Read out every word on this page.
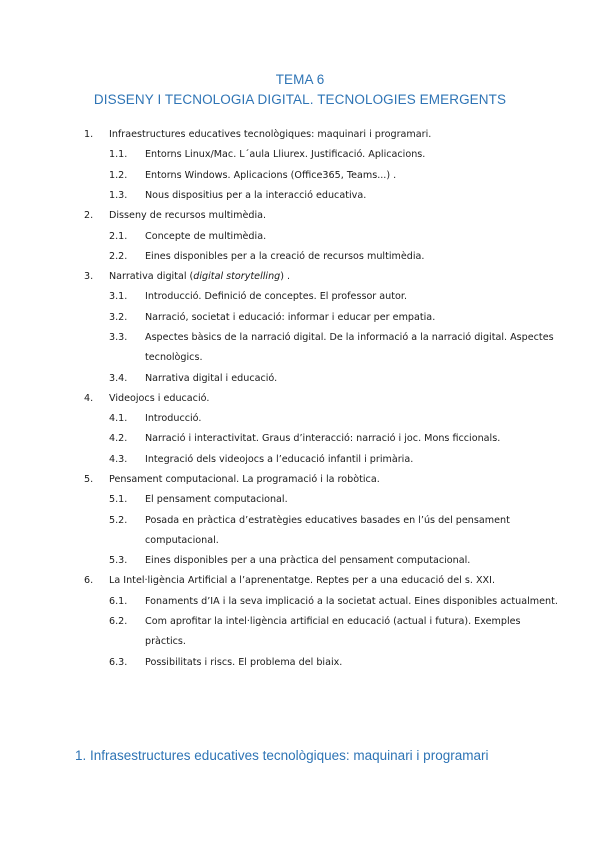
TEMA 6
DISSENY I TECNOLOGIA DIGITAL. TECNOLOGIES EMERGENTS
1. Infraestructures educatives tecnològiques: maquinari i programari.
1.1. Entorns Linux/Mac. L´aula Lliurex. Justificació. Aplicacions.
1.2. Entorns Windows. Aplicacions (Office365, Teams...) .
1.3. Nous dispositius per a la interacció educativa.
2. Disseny de recursos multimèdia.
2.1. Concepte de multimèdia.
2.2. Eines disponibles per a la creació de recursos multimèdia.
3. Narrativa digital (digital storytelling) .
3.1. Introducció. Definició de conceptes. El professor autor.
3.2. Narració, societat i educació: informar i educar per empatia.
3.3. Aspectes bàsics de la narració digital. De la informació a la narració digital. Aspectes
tecnològics.
3.4. Narrativa digital i educació.
4. Videojocs i educació.
4.1. Introducció.
4.2. Narració i interactivitat. Graus d’interacció: narració i joc. Mons ficcionals.
4.3. Integració dels videojocs a l’educació infantil i primària.
5. Pensament computacional. La programació i la robòtica.
5.1. El pensament computacional.
5.2. Posada en pràctica d’estratègies educatives basades en l’ús del pensament
computacional.
5.3. Eines disponibles per a una pràctica del pensament computacional.
6. La Intel·ligència Artificial a l’aprenentatge. Reptes per a una educació del s. XXI.
6.1. Fonaments d’IA i la seva implicació a la societat actual. Eines disponibles actualment.
6.2. Com aprofitar la intel·ligència artificial en educació (actual i futura). Exemples
pràctics.
6.3. Possibilitats i riscs. El problema del biaix.
1. Infrasestructures educatives tecnològiques: maquinari i programari
